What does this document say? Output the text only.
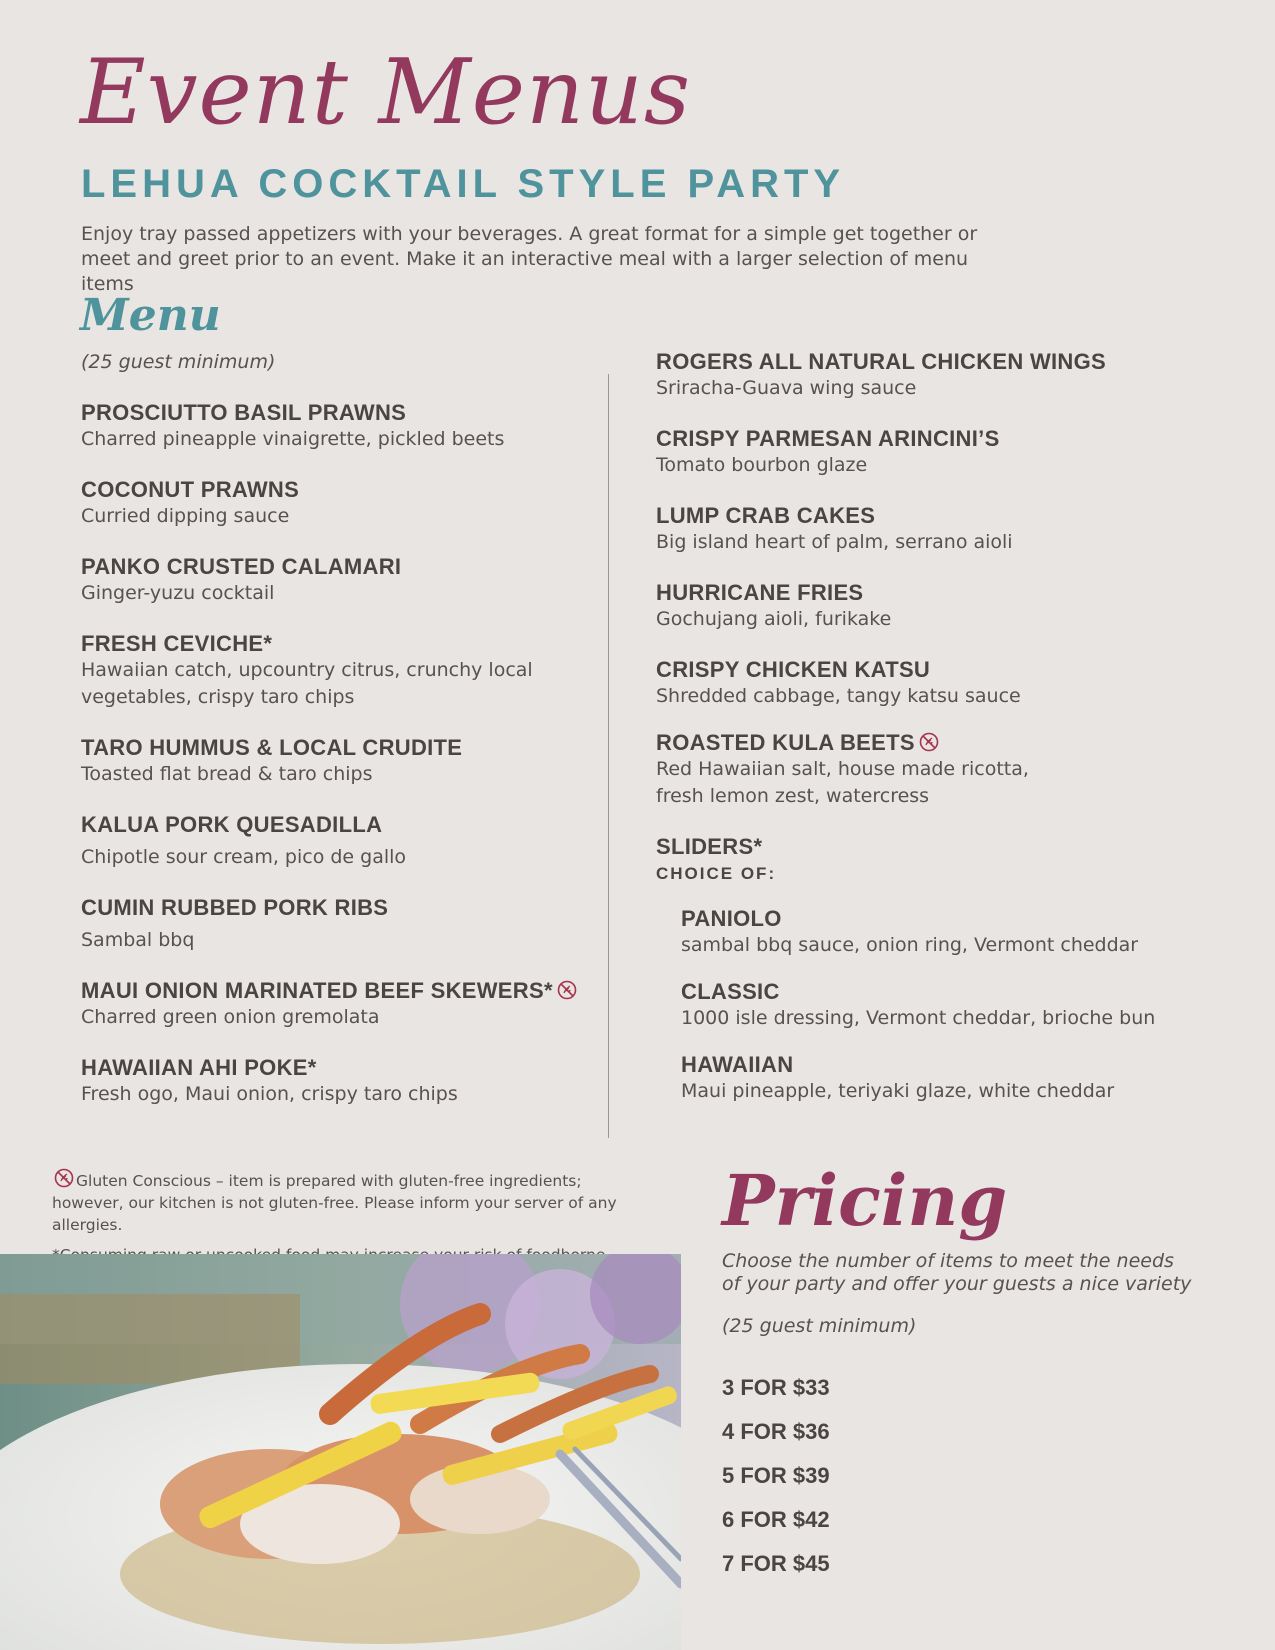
Event Menus
LEHUA COCKTAIL STYLE PARTY

Enjoy tray passed appetizers with your beverages. A great format for a simple get together or meet and greet prior to an event. Make it an interactive meal with a larger selection of menu items

Menu
(25 guest minimum)
PROSCIUTTO BASIL PRAWNS
Charred pineapple vinaigrette, pickled beets
COCONUT PRAWNS
Curried dipping sauce
PANKO CRUSTED CALAMARI
Ginger-yuzu cocktail
FRESH CEVICHE*
Hawaiian catch, upcountry citrus, crunchy local vegetables, crispy taro chips
TARO HUMMUS & LOCAL CRUDITE
Toasted flat bread & taro chips
KALUA PORK QUESADILLA
Chipotle sour cream, pico de gallo
CUMIN RUBBED PORK RIBS
Sambal bbq
MAUI ONION MARINATED BEEF SKEWERS*
Charred green onion gremolata
HAWAIIAN AHI POKE*
Fresh ogo, Maui onion, crispy taro chips
ROGERS ALL NATURAL CHICKEN WINGS
Sriracha-Guava wing sauce
CRISPY PARMESAN ARINCINI’S
Tomato bourbon glaze
LUMP CRAB CAKES
Big island heart of palm, serrano aioli
HURRICANE FRIES
Gochujang aioli, furikake
CRISPY CHICKEN KATSU
Shredded cabbage, tangy katsu sauce
ROASTED KULA BEETS
Red Hawaiian salt, house made ricotta, fresh lemon zest, watercress
SLIDERS*
CHOICE OF:
PANIOLO
sambal bbq sauce, onion ring, Vermont cheddar
CLASSIC
1000 isle dressing, Vermont cheddar, brioche bun
HAWAIIAN
Maui pineapple, teriyaki glaze, white cheddar

Gluten Conscious – item is prepared with gluten-free ingredients; however, our kitchen is not gluten-free. Please inform your server of any allergies.	Pricing

Choose the number of items to meet the needs of your party and offer your guests a nice variety

(25 guest minimum)
3 FOR $33
4 FOR $36
5 FOR $39
6 FOR $42
7 FOR $45
